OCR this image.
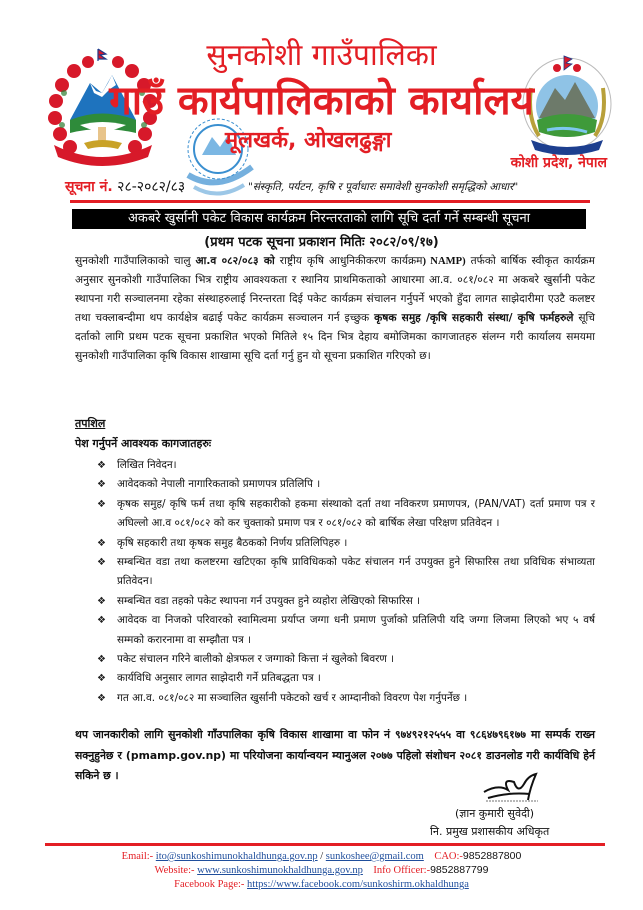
सुनकोशी गाउँपालिका
गाउँ कार्यपालिकाको कार्यालय
मूलखर्क, ओखलढुङ्गा
कोशी प्रदेश, नेपाल
सूचना नं. २८-२०८२/८३	"संस्कृति, पर्यटन, कृषि र पूर्वाधारः समावेशी सुनकोशी समृद्धिको आधार"
अकबरे खुर्सानी पकेट विकास कार्यक्रम निरन्तरताको लागि सूचि दर्ता गर्ने सम्बन्धी सूचना
(प्रथम पटक सूचना प्रकाशन मितिः २०८२/०९/१७)
सुनकोशी गाउँपालिकाको चालु आ.व ०८२/०८३ को राष्ट्रीय कृषि आधुनिकीकरण कार्यक्रम) NAMP) तर्फको बार्षिक स्वीकृत कार्यक्रम अनुसार सुनकोशी गाउँपालिका भित्र राष्ट्रीय आवश्यकता र स्थानिय प्राथमिकताको आधारमा आ.व. ०८१/०८२ मा अकबरे खुर्सानी पकेट स्थापना गरी सञ्चालनमा रहेका संस्थाहरुलाई निरन्तरता दिई पकेट कार्यक्रम संचालन गर्नुपर्ने भएको हुँदा लागत साझेदारीमा एउटै कलष्टर तथा चक्लाबन्दीमा थप कार्यक्षेत्र बढाई पकेट कार्यक्रम सञ्चालन गर्न इच्छुक कृषक समुह /कृषि सहकारी संस्था/ कृषि फर्महरुले सूचि दर्ताको लागि प्रथम पटक सूचना प्रकाशित भएको मितिले १५ दिन भित्र देहाय बमोजिमका कागजातहरु संलग्न गरी कार्यालय समयमा सुनकोशी गाउँपालिका कृषि विकास शाखामा सूचि दर्ता गर्नु हुन यो सूचना प्रकाशित गरिएको छ।
तपशिल
पेश गर्नुपर्ने आवश्यक कागजातहरुः
❖ लिखित निवेदन।
❖ आवेदकको नेपाली नागारिकताको प्रमाणपत्र प्रतिलिपि ।
❖ कृषक समुह/ कृषि फर्म तथा कृषि सहकारीको हकमा संस्थाको दर्ता तथा नविकरण प्रमाणपत्र, (PAN/VAT) दर्ता प्रमाण पत्र र अघिल्लो आ.व ०८१/०८२ को कर चुक्ताको प्रमाण पत्र र ०८१/०८२ को बार्षिक लेखा परिक्षण प्रतिवेदन ।
❖ कृषि सहकारी तथा कृषक समुह बैठकको निर्णय प्रतिलिपिहरु ।
❖ सम्बन्धित वडा तथा कलष्टरमा खटिएका कृषि प्राविधिकको पकेट संचालन गर्न उपयुक्त हुने सिफारिस तथा प्रविधिक संभाव्यता प्रतिवेदन।
❖ सम्बन्धित वडा तहको पकेट स्थापना गर्न उपयुक्त हुने व्यहोरा लेखिएको सिफारिस ।
❖ आवेदक वा निजको परिवारको स्वामित्वमा प्रर्याप्त जग्गा धनी प्रमाण पुर्जाको प्रतिलिपी यदि जग्गा लिजमा लिएको भए ५ वर्ष सम्मको करारनामा वा सम्झौता पत्र ।
❖ पकेट संचालन गरिने बालीको क्षेत्रफल र जग्गाको कित्ता नं खुलेको बिवरण ।
❖ कार्यविधि अनुसार लागत साझेदारी गर्ने प्रतिबद्धता पत्र ।
❖ गत आ.व. ०८१/०८२ मा सञ्चालित खुर्सानी पकेटको खर्च र आम्दानीको विवरण पेश गर्नुपर्नेछ ।
थप जानकारीको लागि सुनकोशी गाँउपालिका कृषि विकास शाखामा वा फोन नं ९७४९२१२५५५ वा ९८६४७९६१७७ मा सम्पर्क राख्न सक्नुहुनेछ र (pmamp.gov.np) मा परियोजना कार्यान्वयन म्यानुअल २०७७ पहिलो संशोधन २०८१ डाउनलोड गरी कार्यविधि हेर्न सकिने छ ।
(ज्ञान कुमारी सुवेदी)
नि. प्रमुख प्रशासकीय अधिकृत
Email:- ito@sunkoshimunokhaldhunga.gov.np / sunkoshee@gmail.com CAO:-9852887800
Website:- www.sunkoshimunokhaldhunga.gov.np Info Officer:-9852887799
Facebook Page:- https://www.facebook.com/sunkoshirm.okhaldhunga
